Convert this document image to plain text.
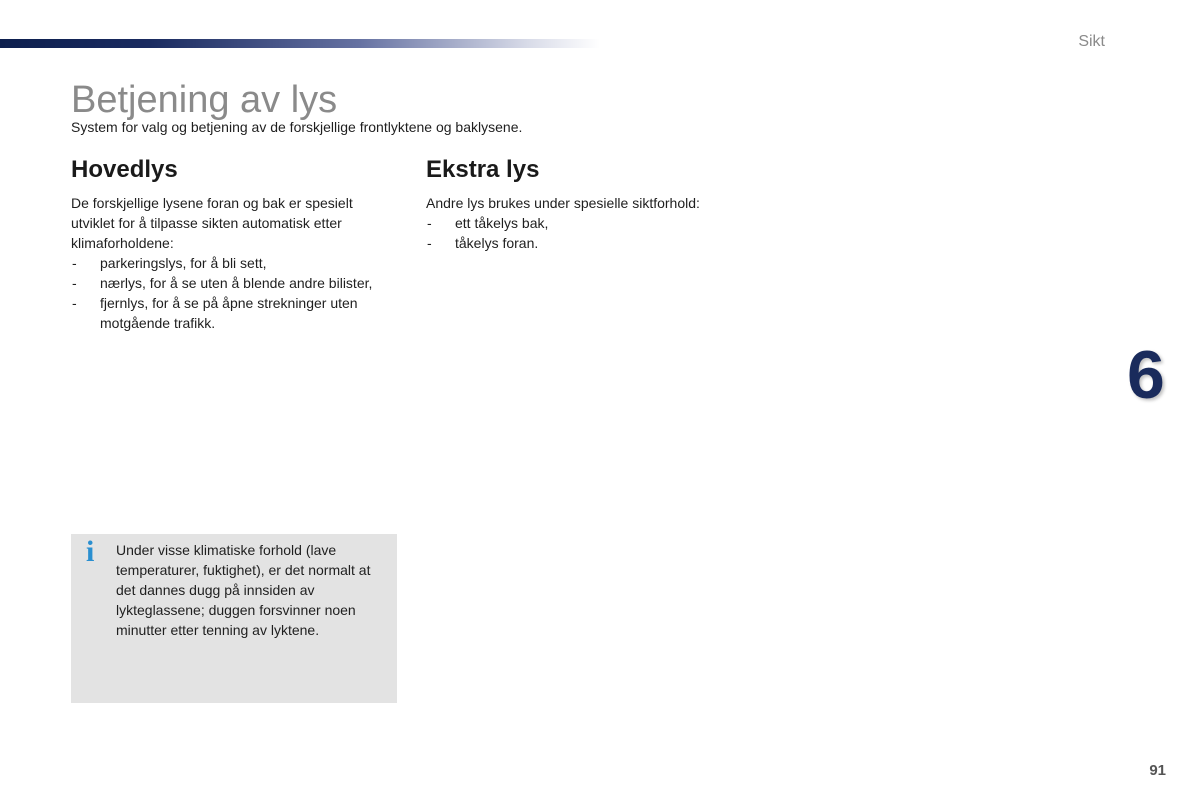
Sikt
Betjening av lys

System for valg og betjening av de forskjellige frontlyktene og baklysene.

Hovedlys

De forskjellige lysene foran og bak er spesielt utviklet for å tilpasse sikten automatisk etter klimaforholdene:

- parkeringslys, for å bli sett,
- nærlys, for å se uten å blende andre bilister,
- fjernlys, for å se på åpne strekninger uten motgående trafikk.
Ekstra lys

Andre lys brukes under spesielle siktforhold:

- ett tåkelys bak,
- tåkelys foran.
i Under visse klimatiske forhold (lave temperaturer, fuktighet), er det normalt at det dannes dugg på innsiden av lykteglassene; duggen forsvinner noen minutter etter tenning av lyktene.
6
91
